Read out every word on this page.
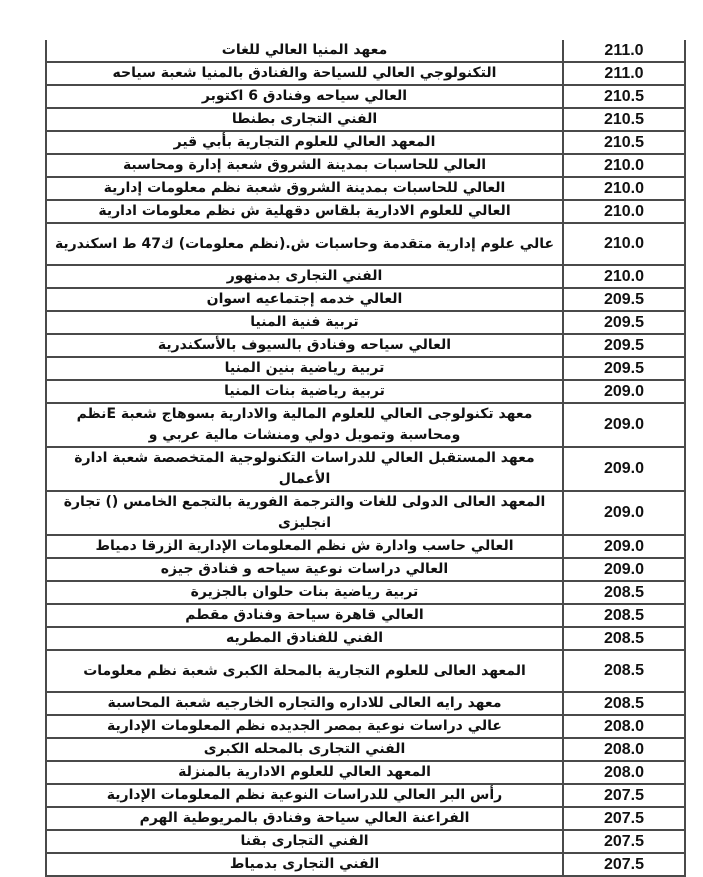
معهد المنيا العالي للغات	211.0
التكنولوجي العالي للسياحة والفنادق بالمنيا شعبة سياحه	211.0
العالي سياحه وفنادق 6 اكتوبر	210.5
الفني التجارى بطنطا	210.5
المعهد العالي للعلوم التجارية بأبي قير	210.5
العالي للحاسبات بمدينة الشروق شعبة إدارة ومحاسبة	210.0
العالي للحاسبات بمدينة الشروق شعبة نظم معلومات إدارية	210.0
العالي للعلوم الادارية بلقاس دقهلية ش نظم معلومات ادارية	210.0
عالي علوم إدارية متقدمة وحاسبات ش.(نظم معلومات) ك47 ط اسكندرية	210.0
الفني التجارى بدمنهور	210.0
العالي خدمه إجتماعيه اسوان	209.5
تربية فنية المنيا	209.5
العالي سياحه وفنادق بالسيوف بالأسكندرية	209.5
تربية رياضية بنين المنيا	209.5
تربية رياضية بنات المنيا	209.0
معهد تكنولوجى العالي للعلوم المالية والادارية بسوهاج شعبة Eنظم ومحاسبة وتمويل دولي ومنشات مالية عربي و	209.0
معهد المستقبل العالي للدراسات التكنولوجية المتخصصة شعبة ادارة الأعمال	209.0
المعهد العالى الدولى للغات والترجمة الفورية بالتجمع الخامس () تجارة انجليزى	209.0
العالي حاسب وادارة ش نظم المعلومات الإدارية الزرقا دمياط	209.0
العالي دراسات نوعية سياحه و فنادق جيزه	209.0
تربية رياضية بنات حلوان بالجزيرة	208.5
العالي قاهرة سياحة وفنادق مقطم	208.5
الفني للفنادق المطريه	208.5
المعهد العالى للعلوم التجارية بالمحلة الكبرى شعبة نظم معلومات	208.5
معهد رايه العالى للاداره والتجاره الخارجيه شعبة المحاسبة	208.5
عالي دراسات نوعية بمصر الجديده نظم المعلومات الإدارية	208.0
الفني التجارى بالمحله الكبرى	208.0
المعهد العالي للعلوم الادارية بالمنزلة	208.0
رأس البر العالي للدراسات النوعية نظم المعلومات الإدارية	207.5
الفراعنة العالي سياحة وفنادق بالمريوطية الهرم	207.5
الفني التجارى بقنا	207.5
الفني التجارى بدمياط	207.5
